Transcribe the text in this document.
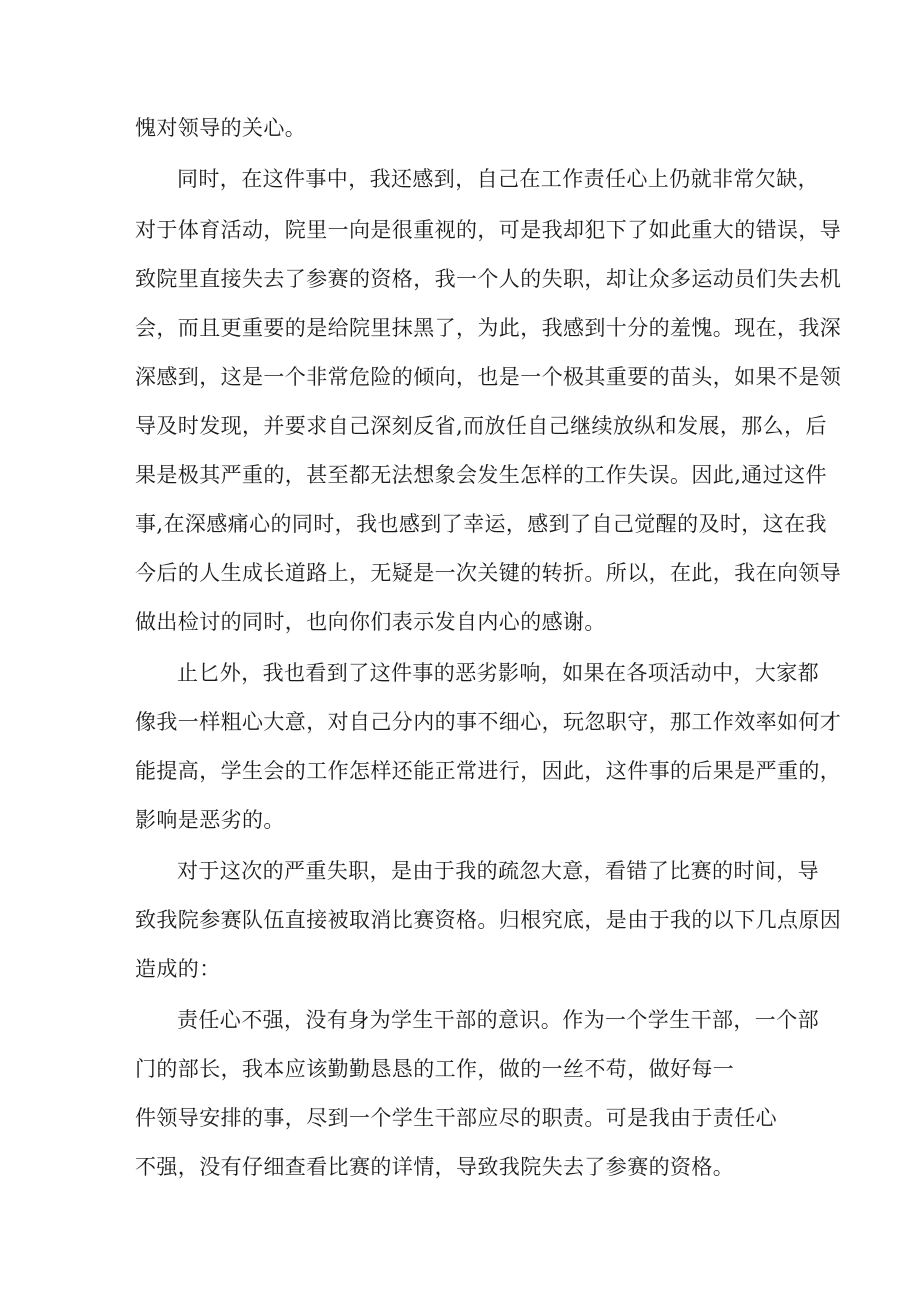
愧对领导的关心。
同时，在这件事中，我还感到，自己在工作责任心上仍就非常欠缺，
对于体育活动，院里一向是很重视的，可是我却犯下了如此重大的错误，导
致院里直接失去了参赛的资格，我一个人的失职，却让众多运动员们失去机
会，而且更重要的是给院里抹黑了，为此，我感到十分的羞愧。现在，我深
深感到，这是一个非常危险的倾向，也是一个极其重要的苗头，如果不是领
导及时发现，并要求自己深刻反省,而放任自己继续放纵和发展，那么，后
果是极其严重的，甚至都无法想象会发生怎样的工作失误。因此,通过这件
事,在深感痛心的同时，我也感到了幸运，感到了自己觉醒的及时，这在我
今后的人生成长道路上，无疑是一次关键的转折。所以，在此，我在向领导
做出检讨的同时，也向你们表示发自内心的感谢。
止匕外，我也看到了这件事的恶劣影响，如果在各项活动中，大家都
像我一样粗心大意，对自己分内的事不细心，玩忽职守，那工作效率如何才
能提高，学生会的工作怎样还能正常进行，因此，这件事的后果是严重的，
影响是恶劣的。
对于这次的严重失职，是由于我的疏忽大意，看错了比赛的时间，导
致我院参赛队伍直接被取消比赛资格。归根究底，是由于我的以下几点原因
造成的：
责任心不强，没有身为学生干部的意识。作为一个学生干部，一个部
门的部长，我本应该勤勤恳恳的工作，做的一丝不苟，做好每一
件领导安排的事，尽到一个学生干部应尽的职责。可是我由于责任心
不强，没有仔细查看比赛的详情，导致我院失去了参赛的资格。
